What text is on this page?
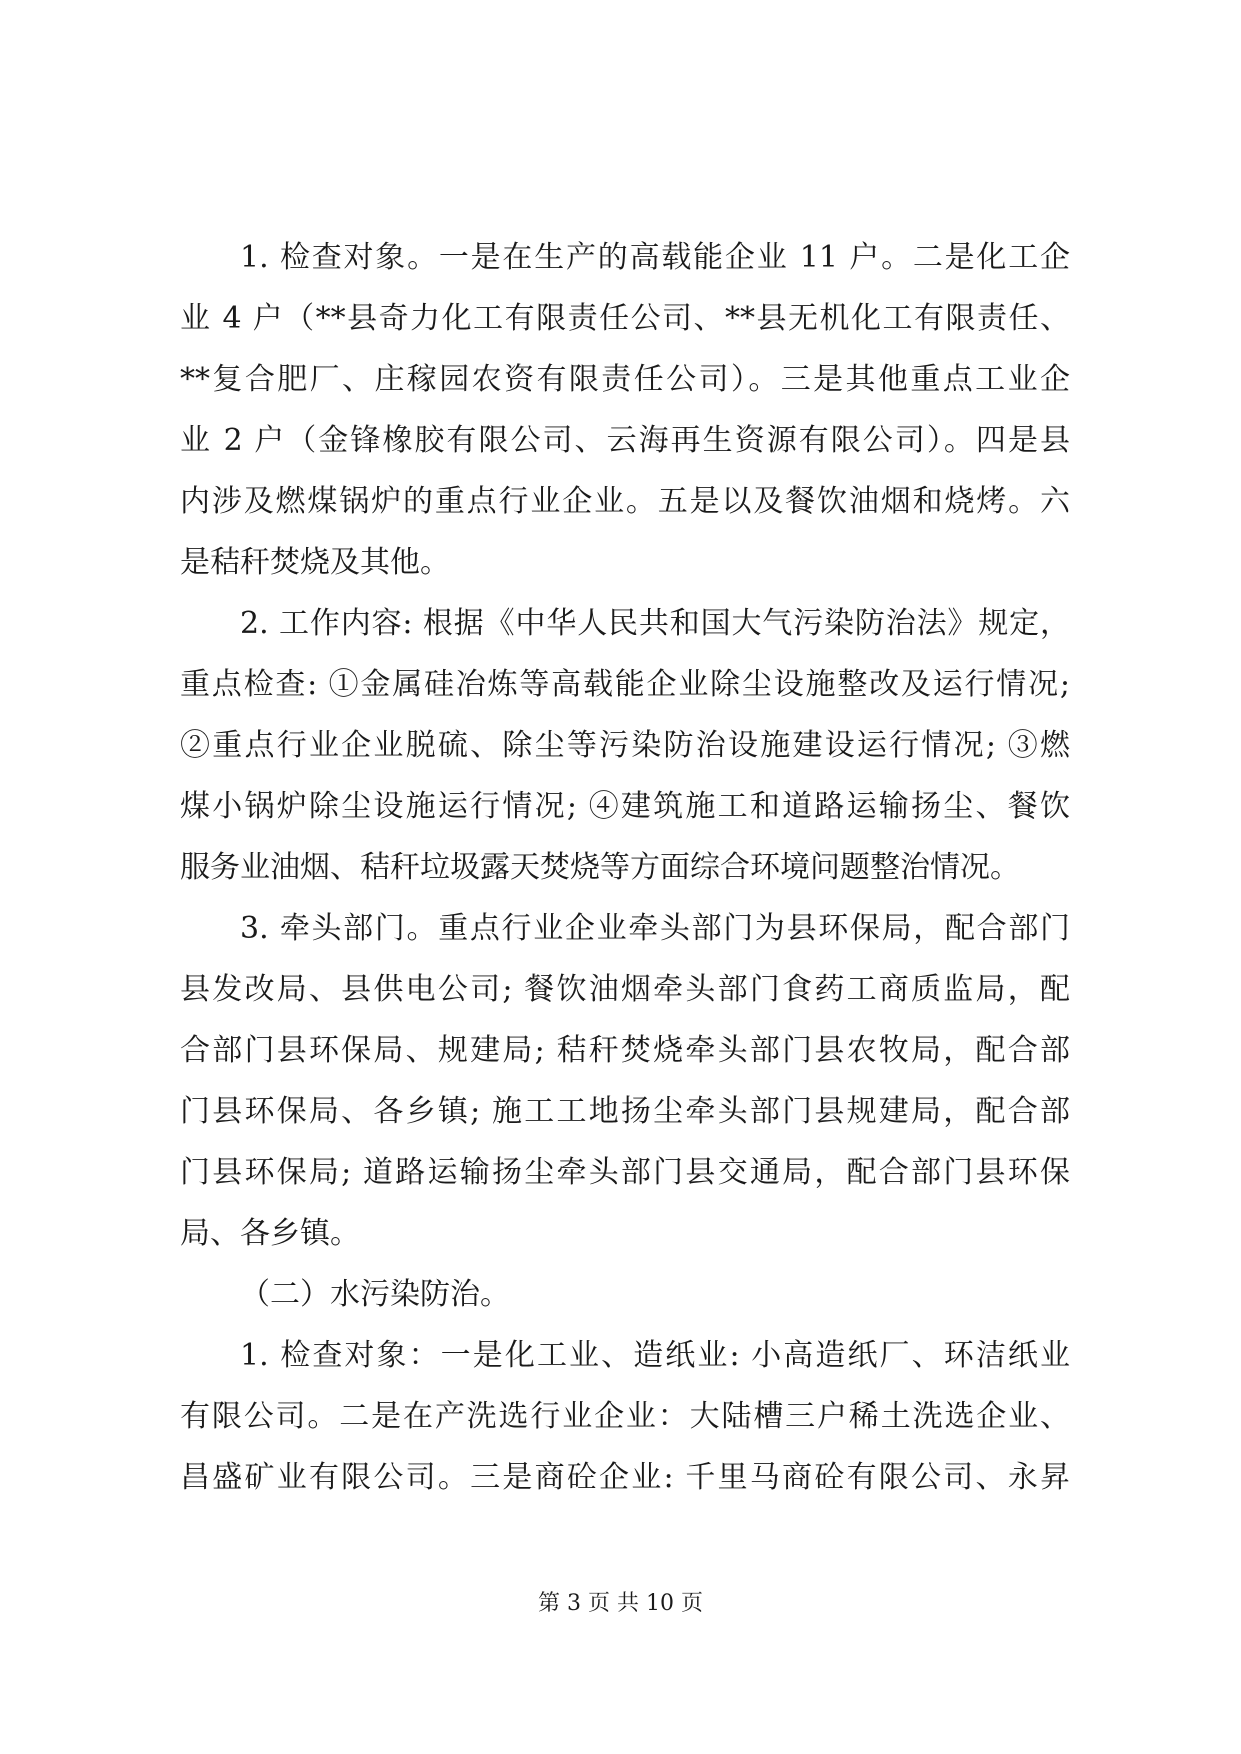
1. 检查对象。一是在生产的高载能企业 11 户。二是化工企
业 4 户（**县奇力化工有限责任公司、**县无机化工有限责任、
**复合肥厂、庄稼园农资有限责任公司）。三是其他重点工业企
业 2 户（金锋橡胶有限公司、云海再生资源有限公司）。四是县
内涉及燃煤锅炉的重点行业企业。五是以及餐饮油烟和烧烤。六
是秸秆焚烧及其他。
2. 工作内容: 根据《中华人民共和国大气污染防治法》规定，
重点检查: ①金属硅冶炼等高载能企业除尘设施整改及运行情况;
②重点行业企业脱硫、除尘等污染防治设施建设运行情况; ③燃
煤小锅炉除尘设施运行情况; ④建筑施工和道路运输扬尘、餐饮
服务业油烟、秸秆垃圾露天焚烧等方面综合环境问题整治情况。
3. 牵头部门。重点行业企业牵头部门为县环保局，配合部门
县发改局、县供电公司; 餐饮油烟牵头部门食药工商质监局，配
合部门县环保局、规建局; 秸秆焚烧牵头部门县农牧局，配合部
门县环保局、各乡镇; 施工工地扬尘牵头部门县规建局，配合部
门县环保局; 道路运输扬尘牵头部门县交通局，配合部门县环保
局、各乡镇。
（二）水污染防治。
1. 检查对象：一是化工业、造纸业: 小高造纸厂、环洁纸业
有限公司。二是在产洗选行业企业：大陆槽三户稀土洗选企业、
昌盛矿业有限公司。三是商砼企业: 千里马商砼有限公司、永昇
第 3 页 共 10 页
